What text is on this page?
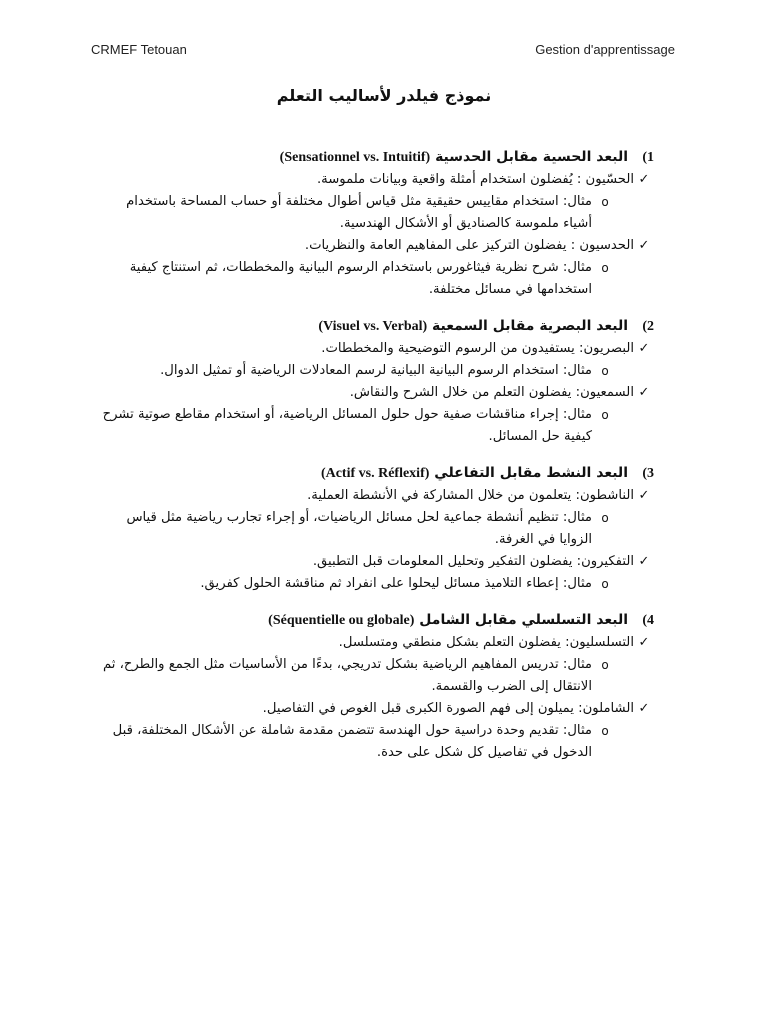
CRMEF Tetouan	Gestion d'apprentissage
نموذج فيلدر لأساليب التعلم
1)
البعد الحسية مقابل الحدسية (Sensationnel vs. Intuitif)
✓
الحسّيون : يُفضلون استخدام أمثلة واقعية وبيانات ملموسة.
o
مثال: استخدام مقاييس حقيقية مثل قياس أطوال مختلفة أو حساب المساحة باستخدام أشياء ملموسة كالصناديق أو الأشكال الهندسية.
✓
الحدسيون : يفضلون التركيز على المفاهيم العامة والنظريات.
o
مثال: شرح نظرية فيثاغورس باستخدام الرسوم البيانية والمخططات، ثم استنتاج كيفية استخدامها في مسائل مختلفة.
2)
البعد البصرية مقابل السمعية (Visuel vs. Verbal)
✓
البصريون: يستفيدون من الرسوم التوضيحية والمخططات.
o
مثال: استخدام الرسوم البيانية البيانية لرسم المعادلات الرياضية أو تمثيل الدوال.
✓
السمعيون: يفضلون التعلم من خلال الشرح والنقاش.
o
مثال: إجراء مناقشات صفية حول حلول المسائل الرياضية، أو استخدام مقاطع صوتية تشرح كيفية حل المسائل.
3)
البعد النشط مقابل التفاعلي (Actif vs. Réflexif)
✓
الناشطون: يتعلمون من خلال المشاركة في الأنشطة العملية.
o
مثال: تنظيم أنشطة جماعية لحل مسائل الرياضيات، أو إجراء تجارب رياضية مثل قياس الزوايا في الغرفة.
✓
التفكيرون: يفضلون التفكير وتحليل المعلومات قبل التطبيق.
o
مثال: إعطاء التلاميذ مسائل ليحلوا على انفراد ثم مناقشة الحلول كفريق.
4)
البعد التسلسلي مقابل الشامل (Séquentielle ou globale)
✓
التسلسليون: يفضلون التعلم بشكل منطقي ومتسلسل.
o
مثال: تدريس المفاهيم الرياضية بشكل تدريجي، بدءًا من الأساسيات مثل الجمع والطرح، ثم الانتقال إلى الضرب والقسمة.
✓
الشاملون: يميلون إلى فهم الصورة الكبرى قبل الغوص في التفاصيل.
o
مثال: تقديم وحدة دراسية حول الهندسة تتضمن مقدمة شاملة عن الأشكال المختلفة، قبل الدخول في تفاصيل كل شكل على حدة.
